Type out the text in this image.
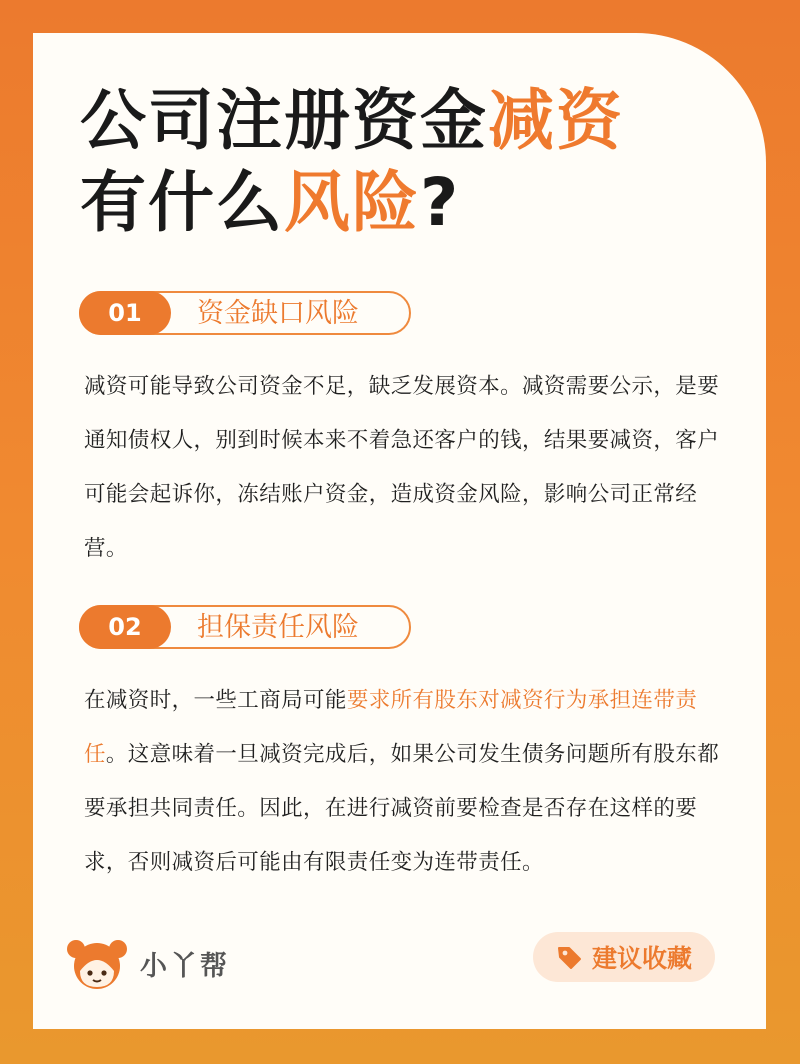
公司注册资金减资
有什么风险?
01	资金缺口风险
减资可能导致公司资金不足，缺乏发展资本。减资需要公示，是要通知债权人，别到时候本来不着急还客户的钱，结果要减资，客户可能会起诉你，冻结账户资金，造成资金风险，影响公司正常经营。
02	担保责任风险
在减资时，一些工商局可能要求所有股东对减资行为承担连带责任。这意味着一旦减资完成后，如果公司发生债务问题所有股东都要承担共同责任。因此，在进行减资前要检查是否存在这样的要求，否则减资后可能由有限责任变为连带责任。
小丫帮	建议收藏
